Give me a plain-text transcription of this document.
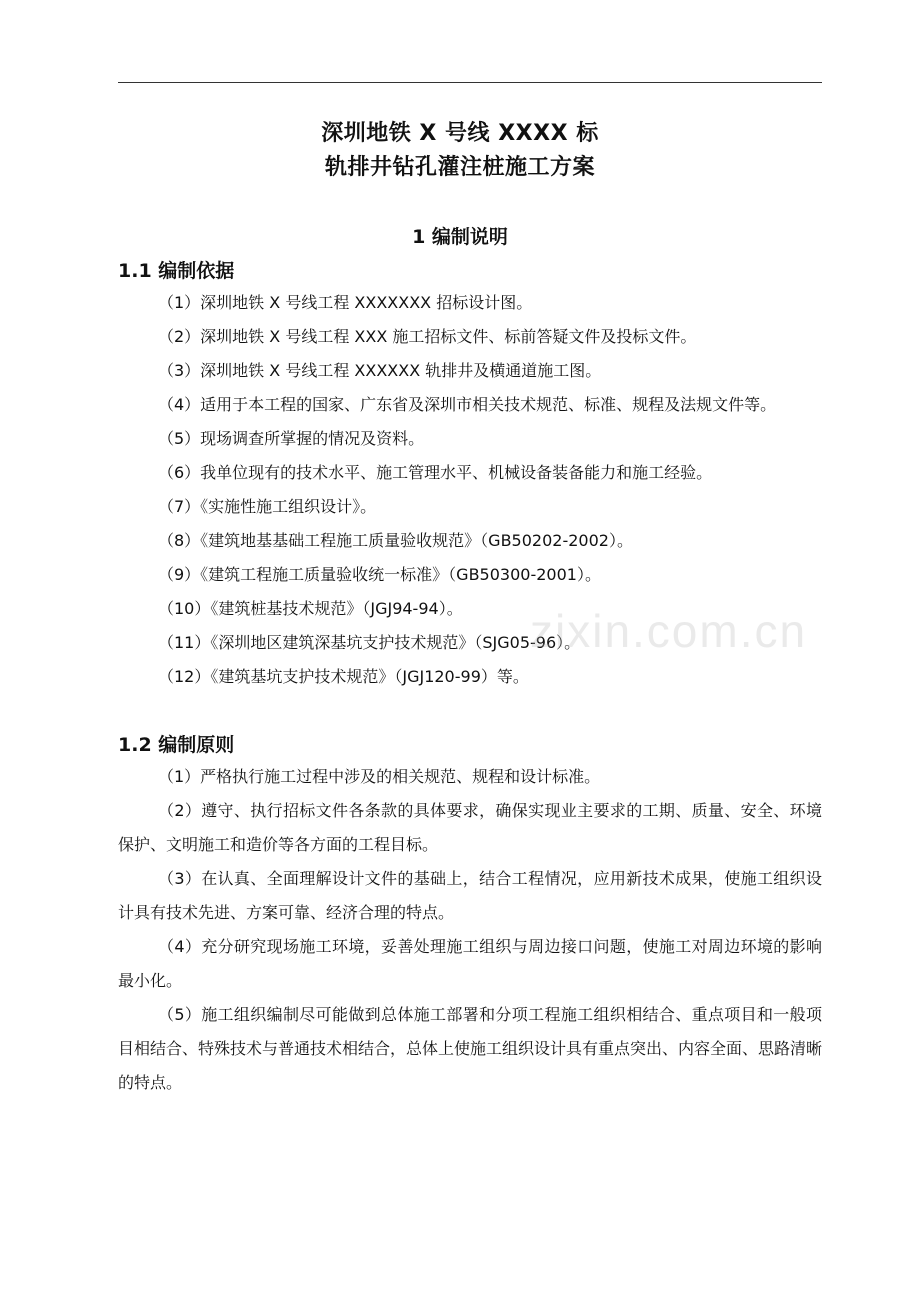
深圳地铁 X 号线 XXXX 标
轨排井钻孔灌注桩施工方案
1 编制说明
1.1 编制依据

（1）深圳地铁 X 号线工程 XXXXXXX 招标设计图。

（2）深圳地铁 X 号线工程 XXX 施工招标文件、标前答疑文件及投标文件。

（3）深圳地铁 X 号线工程 XXXXXX 轨排井及横通道施工图。

（4）适用于本工程的国家、广东省及深圳市相关技术规范、标准、规程及法规文件等。

（5）现场调查所掌握的情况及资料。

（6）我单位现有的技术水平、施工管理水平、机械设备装备能力和施工经验。

（7）《实施性施工组织设计》。

（8）《建筑地基基础工程施工质量验收规范》（GB50202-2002）。

（9）《建筑工程施工质量验收统一标准》（GB50300-2001）。

（10）《建筑桩基技术规范》（JGJ94-94）。

（11）《深圳地区建筑深基坑支护技术规范》（SJG05-96）。

（12）《建筑基坑支护技术规范》（JGJ120-99）等。

1.2 编制原则

（1）严格执行施工过程中涉及的相关规范、规程和设计标准。

（2）遵守、执行招标文件各条款的具体要求，确保实现业主要求的工期、质量、安全、环境保护、文明施工和造价等各方面的工程目标。

（3）在认真、全面理解设计文件的基础上，结合工程情况，应用新技术成果，使施工组织设计具有技术先进、方案可靠、经济合理的特点。

（4）充分研究现场施工环境，妥善处理施工组织与周边接口问题，使施工对周边环境的影响最小化。

（5）施工组织编制尽可能做到总体施工部署和分项工程施工组织相结合、重点项目和一般项目相结合、特殊技术与普通技术相结合，总体上使施工组织设计具有重点突出、内容全面、思路清晰的特点。

zixin.com.cn
